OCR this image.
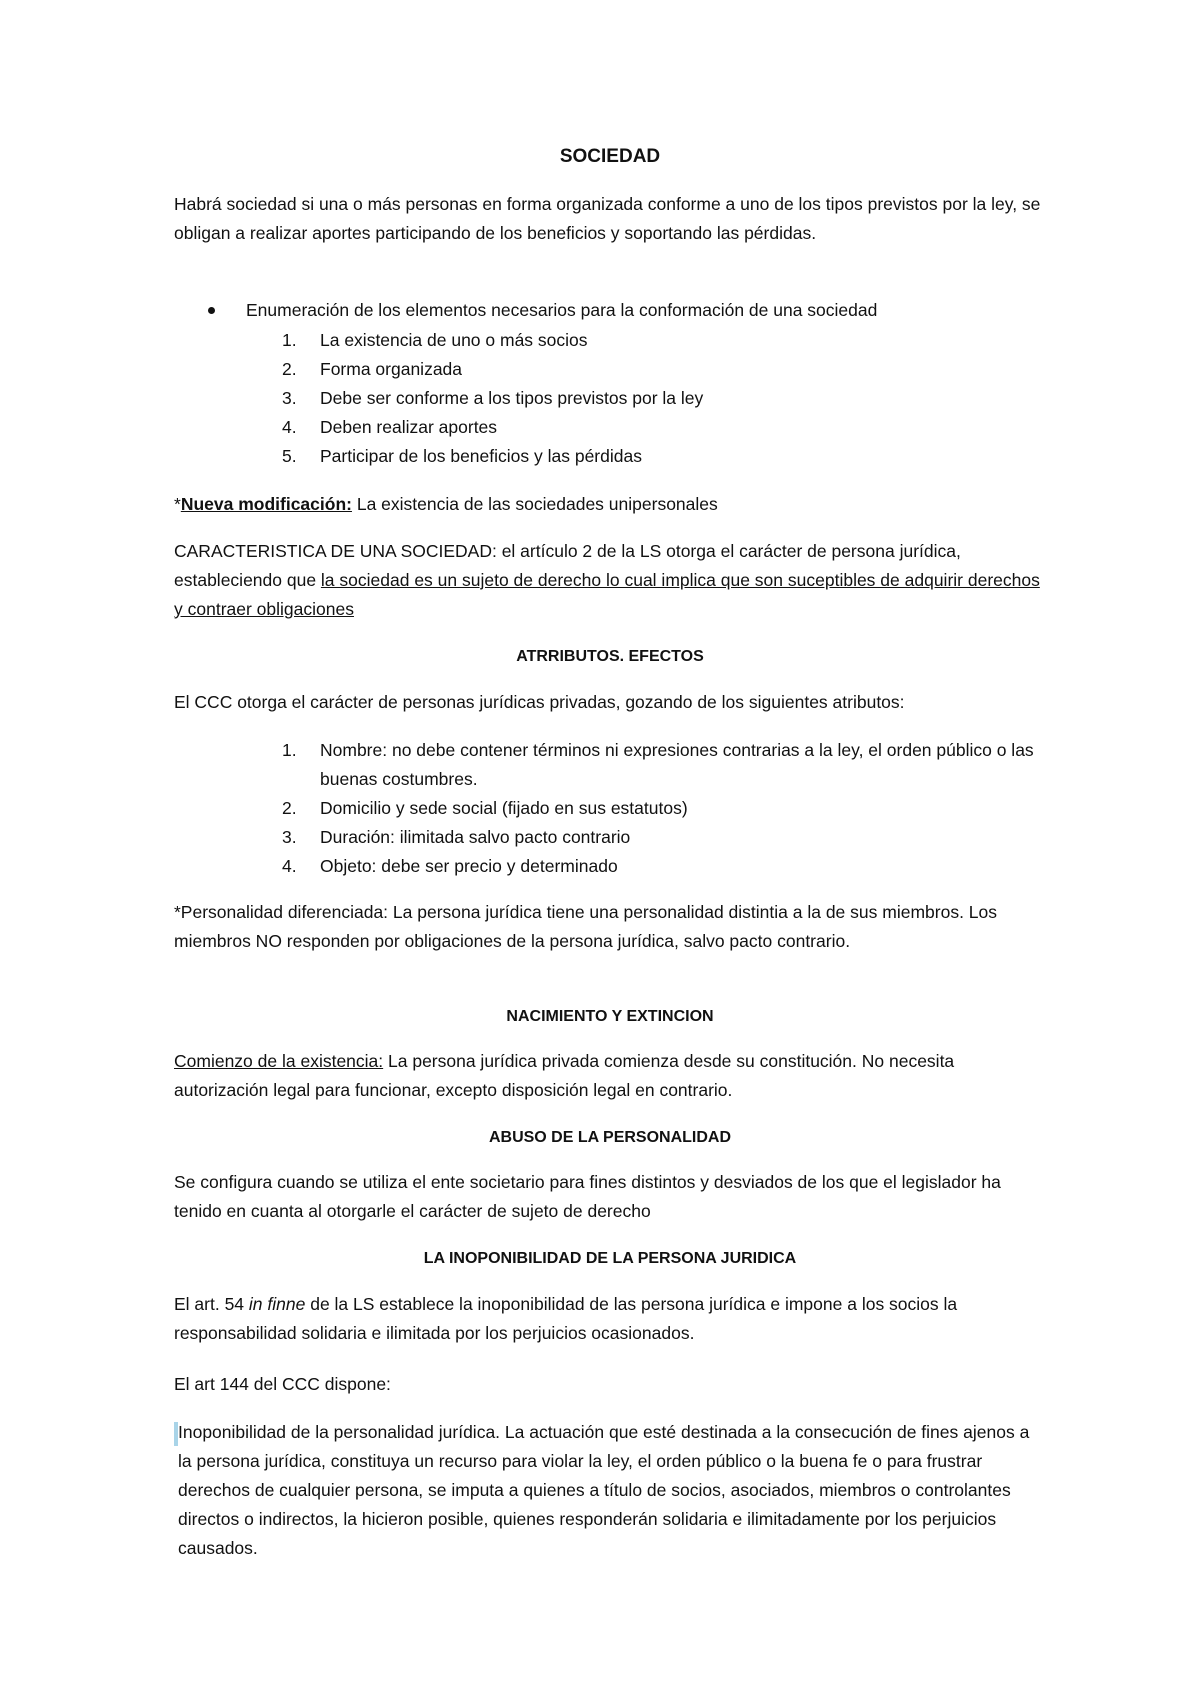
SOCIEDAD

Habrá sociedad si una o más personas en forma organizada conforme a uno de los tipos previstos por la ley, se obligan a realizar aportes participando de los beneficios y soportando las pérdidas.

Enumeración de los elementos necesarios para la conformación de una sociedad
1.	La existencia de uno o más socios
2.	Forma organizada
3.	Debe ser conforme a los tipos previstos por la ley
4.	Deben realizar aportes
5.	Participar de los beneficios y las pérdidas

*Nueva modificación: La existencia de las sociedades unipersonales

CARACTERISTICA DE UNA SOCIEDAD: el artículo 2 de la LS otorga el carácter de persona jurídica, estableciendo que la sociedad es un sujeto de derecho lo cual implica que son suceptibles de adquirir derechos y contraer obligaciones

ATRRIBUTOS. EFECTOS

El CCC otorga el carácter de personas jurídicas privadas, gozando de los siguientes atributos:

1.	Nombre: no debe contener términos ni expresiones contrarias a la ley, el orden público o las buenas costumbres.
2.	Domicilio y sede social (fijado en sus estatutos)
3.	Duración: ilimitada salvo pacto contrario
4.	Objeto: debe ser precio y determinado

*Personalidad diferenciada: La persona jurídica tiene una personalidad distintia a la de sus miembros. Los miembros NO responden por obligaciones de la persona jurídica, salvo pacto contrario.

NACIMIENTO Y EXTINCION

Comienzo de la existencia: La persona jurídica privada comienza desde su constitución. No necesita autorización legal para funcionar, excepto disposición legal en contrario.

ABUSO DE LA PERSONALIDAD

Se configura cuando se utiliza el ente societario para fines distintos y desviados de los que el legislador ha tenido en cuanta al otorgarle el carácter de sujeto de derecho

LA INOPONIBILIDAD DE LA PERSONA JURIDICA

El art. 54 in finne de la LS establece la inoponibilidad de las persona jurídica e impone a los socios la responsabilidad solidaria e ilimitada por los perjuicios ocasionados.

El art 144 del CCC dispone:

Inoponibilidad de la personalidad jurídica. La actuación que esté destinada a la consecución de fines ajenos a la persona jurídica, constituya un recurso para violar la ley, el orden público o la buena fe o para frustrar derechos de cualquier persona, se imputa a quienes a título de socios, asociados, miembros o controlantes directos o indirectos, la hicieron posible, quienes responderán solidaria e ilimitadamente por los perjuicios causados.
